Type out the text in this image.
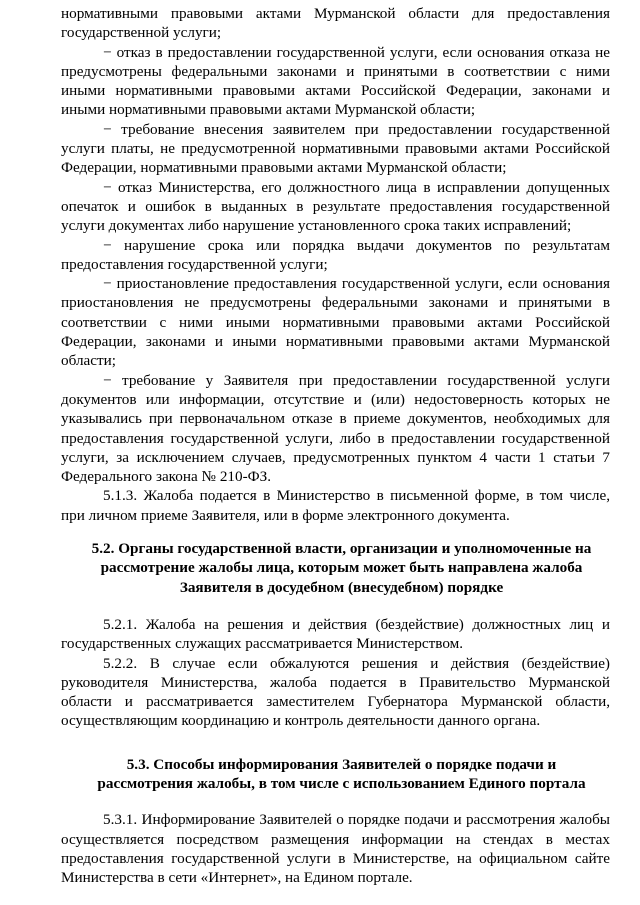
нормативными правовыми актами Мурманской области для предоставления государственной услуги;

− отказ в предоставлении государственной услуги, если основания отказа не предусмотрены федеральными законами и принятыми в соответствии с ними иными нормативными правовыми актами Российской Федерации, законами и иными нормативными правовыми актами Мурманской области;

− требование внесения заявителем при предоставлении государственной услуги платы, не предусмотренной нормативными правовыми актами Российской Федерации, нормативными правовыми актами Мурманской области;

− отказ Министерства, его должностного лица в исправлении допущенных опечаток и ошибок в выданных в результате предоставления государственной услуги документах либо нарушение установленного срока таких исправлений;

− нарушение срока или порядка выдачи документов по результатам предоставления государственной услуги;

− приостановление предоставления государственной услуги, если основания приостановления не предусмотрены федеральными законами и принятыми в соответствии с ними иными нормативными правовыми актами Российской Федерации, законами и иными нормативными правовыми актами Мурманской области;

− требование у Заявителя при предоставлении государственной услуги документов или информации, отсутствие и (или) недостоверность которых не указывались при первоначальном отказе в приеме документов, необходимых для предоставления государственной услуги, либо в предоставлении государственной услуги, за исключением случаев, предусмотренных пунктом 4 части 1 статьи 7 Федерального закона № 210-ФЗ.

5.1.3. Жалоба подается в Министерство в письменной форме, в том числе, при личном приеме Заявителя, или в форме электронного документа.

5.2. Органы государственной власти, организации и уполномоченные на рассмотрение жалобы лица, которым может быть направлена жалоба Заявителя в досудебном (внесудебном) порядке

5.2.1. Жалоба на решения и действия (бездействие) должностных лиц и государственных служащих рассматривается Министерством.

5.2.2. В случае если обжалуются решения и действия (бездействие) руководителя Министерства, жалоба подается в Правительство Мурманской области и рассматривается заместителем Губернатора Мурманской области, осуществляющим координацию и контроль деятельности данного органа.

5.3. Способы информирования Заявителей о порядке подачи и рассмотрения жалобы, в том числе с использованием Единого портала

5.3.1. Информирование Заявителей о порядке подачи и рассмотрения жалобы осуществляется посредством размещения информации на стендах в местах предоставления государственной услуги в Министерстве, на официальном сайте Министерства в сети «Интернет», на Едином портале.
